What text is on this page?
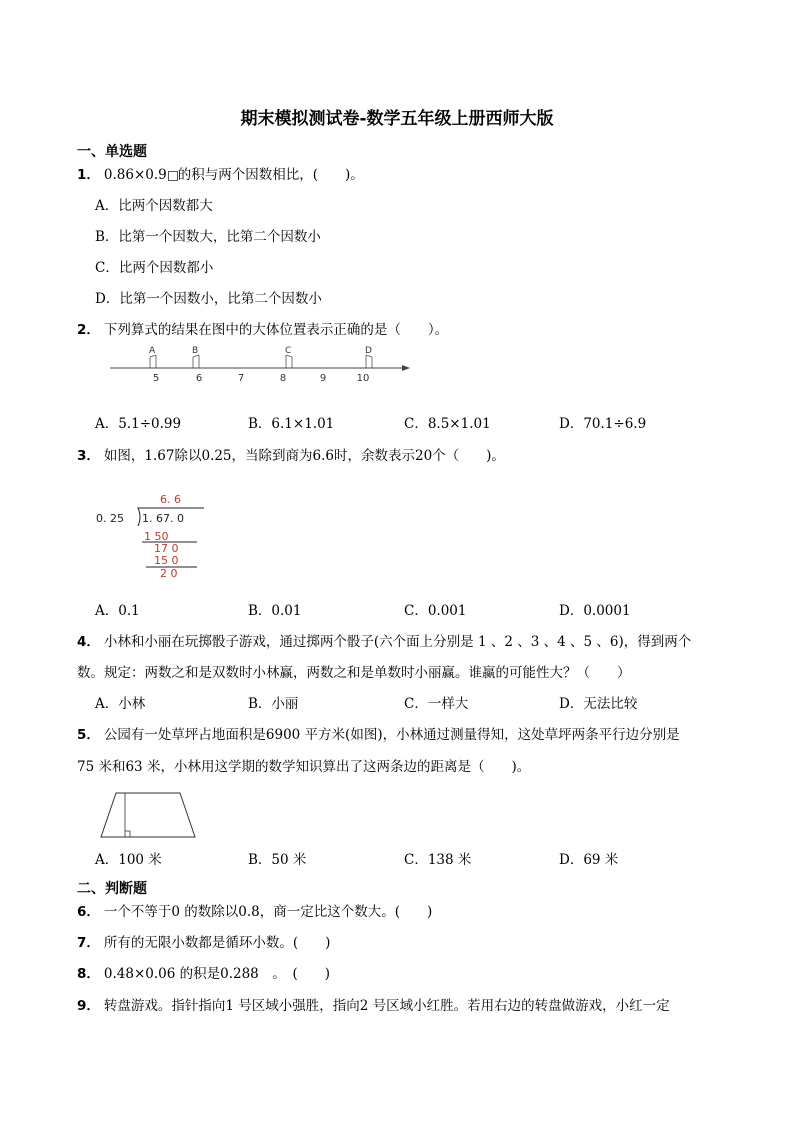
期末模拟测试卷-数学五年级上册西师大版
一、单选题
1． 0.86×0.9 的积与两个因数相比，(　　)。
A．比两个因数都大
B．比第一个因数大，比第二个因数小
C．比两个因数都小
D．比第一个因数小，比第二个因数小
2． 下列算式的结果在图中的大体位置表示正确的是（　　）。
5	6	7	8	9	10
A	B	C	D
A．5.1÷0.99	B．6.1×1.01	C．8.5×1.01	D．70.1÷6.9
3． 如图，1.67除以0.25，当除到商为6.6时，余数表示20个（　　)。
6. 6
1 50
17 0
15 0
2 0
0. 25 1. 67. 0
A．0.1	B．0.01	C．0.001	D．0.0001
4． 小林和小丽在玩掷骰子游戏，通过掷两个骰子(六个面上分别是 1 、2 、3 、4 、5 、6)，得到两个
数。规定：两数之和是双数时小林赢，两数之和是单数时小丽赢。谁赢的可能性大？（　　）
A．小林	B．小丽	C．一样大	D．无法比较
5． 公园有一处草坪占地面积是6900 平方米(如图)，小林通过测量得知，这处草坪两条平行边分别是
75 米和63 米，小林用这学期的数学知识算出了这两条边的距离是（　　)。
A．100 米	B．50 米	C．138 米	D．69 米
二、判断题
6． 一个不等于0 的数除以0.8，商一定比这个数大。(　　)
7． 所有的无限小数都是循环小数。(　　)
8． 0.48×0.06 的积是0.288　。　(　　)
9． 转盘游戏。指针指向1 号区域小强胜，指向2 号区域小红胜。若用右边的转盘做游戏，小红一定
